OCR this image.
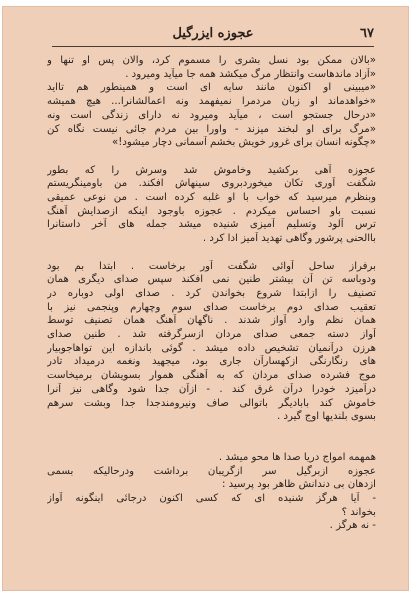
عجوزه ایزرگیل	٦٧
«بالان ممکن بود نسل بشری را مسموم کرد، والان پس او تنها و
«آزاد ماندهاست وانتظار مرگ میکشد همه جا میآید ومیرود .
«میبینی او اکنون مانند سایه ای است و همینطور هم تااید
«خواهدماند او زبان مردمرا نمیفهمد ونه اعمالشانرا... هیچ همیشه
«درحال جستجو است ، میآید ومیرود نه دارای زندگی است ونه
«مرگ برای او لبخند میزند - واورا بین مردم جائی نیست نگاه کن
«چگونه انسان برای غرور خویش بخشم آسمانی دچار میشود!»
عجوزه آهی برکشید وخاموش شد وسرش را که بطور
شگفت آوری تکان میخوردبروی سینهاش افکند. من باومینگریستم
وبنظرم میرسید که خواب با او غلبه کرده است . من نوعی عمیقی
نسبت باو احساس میکردم . عجوزه باوجود اینکه ازصدایش آهنگ
ترس آلود وتسلیم آمیزی شنیده میشد جمله های آخر داستانرا
باالحنی پرشور وگاهی تهدید آمیز ادا کرد .
برفراز ساحل آوائی شگفت آور برخاست . ابتدا بم بود
ودوباسه تن آن بیشتر طنین نمی افکند سپس صدای دیگری همان
تصنیف را ازابتدا شروع بخواندن کرد . صدای اولی دوباره در
تعقیب صدای دوم برخاست صدای سوم وچهارم وپنجمی نیز با
همان نظم وارد آواز شدند . ناگهان آهنگ همان تصنیف توسط
آواز دسته جمعی صدای مردان ازسرگرفته شد . طنین صدای
هرزن درآنمیان تشخیص داده میشد . گوئی باندازه این تواهاجوبیار
های رنگارنگی ازکهسارآن جاری بود، میجهید ونغمه درمیداد تادر
موج فشرده صدای مردان که به آهنگی هموار بسویشان برمیخاست
درآمیزد خودرا درآن غرق کند . - ازآن جدا شود وگاهی نیز آنرا
خاموش کند بابادیگر باتوالی صاف ونیرومندجدا جدا وبشت سرهم
بسوی بلندیها اوج گیرد .
همهمه امواج دریا صدا ها محو میشد .
عجوزه ازبرگیل سر ازگریبان برداشت ودرحالیکه بسمی
ازدهان بی دندانش ظاهر بود پرسید :
- آیا هرگز شنیده ای که کسی اکنون درجائی اینگونه آواز
بخواند ؟
- نه هرگز .
